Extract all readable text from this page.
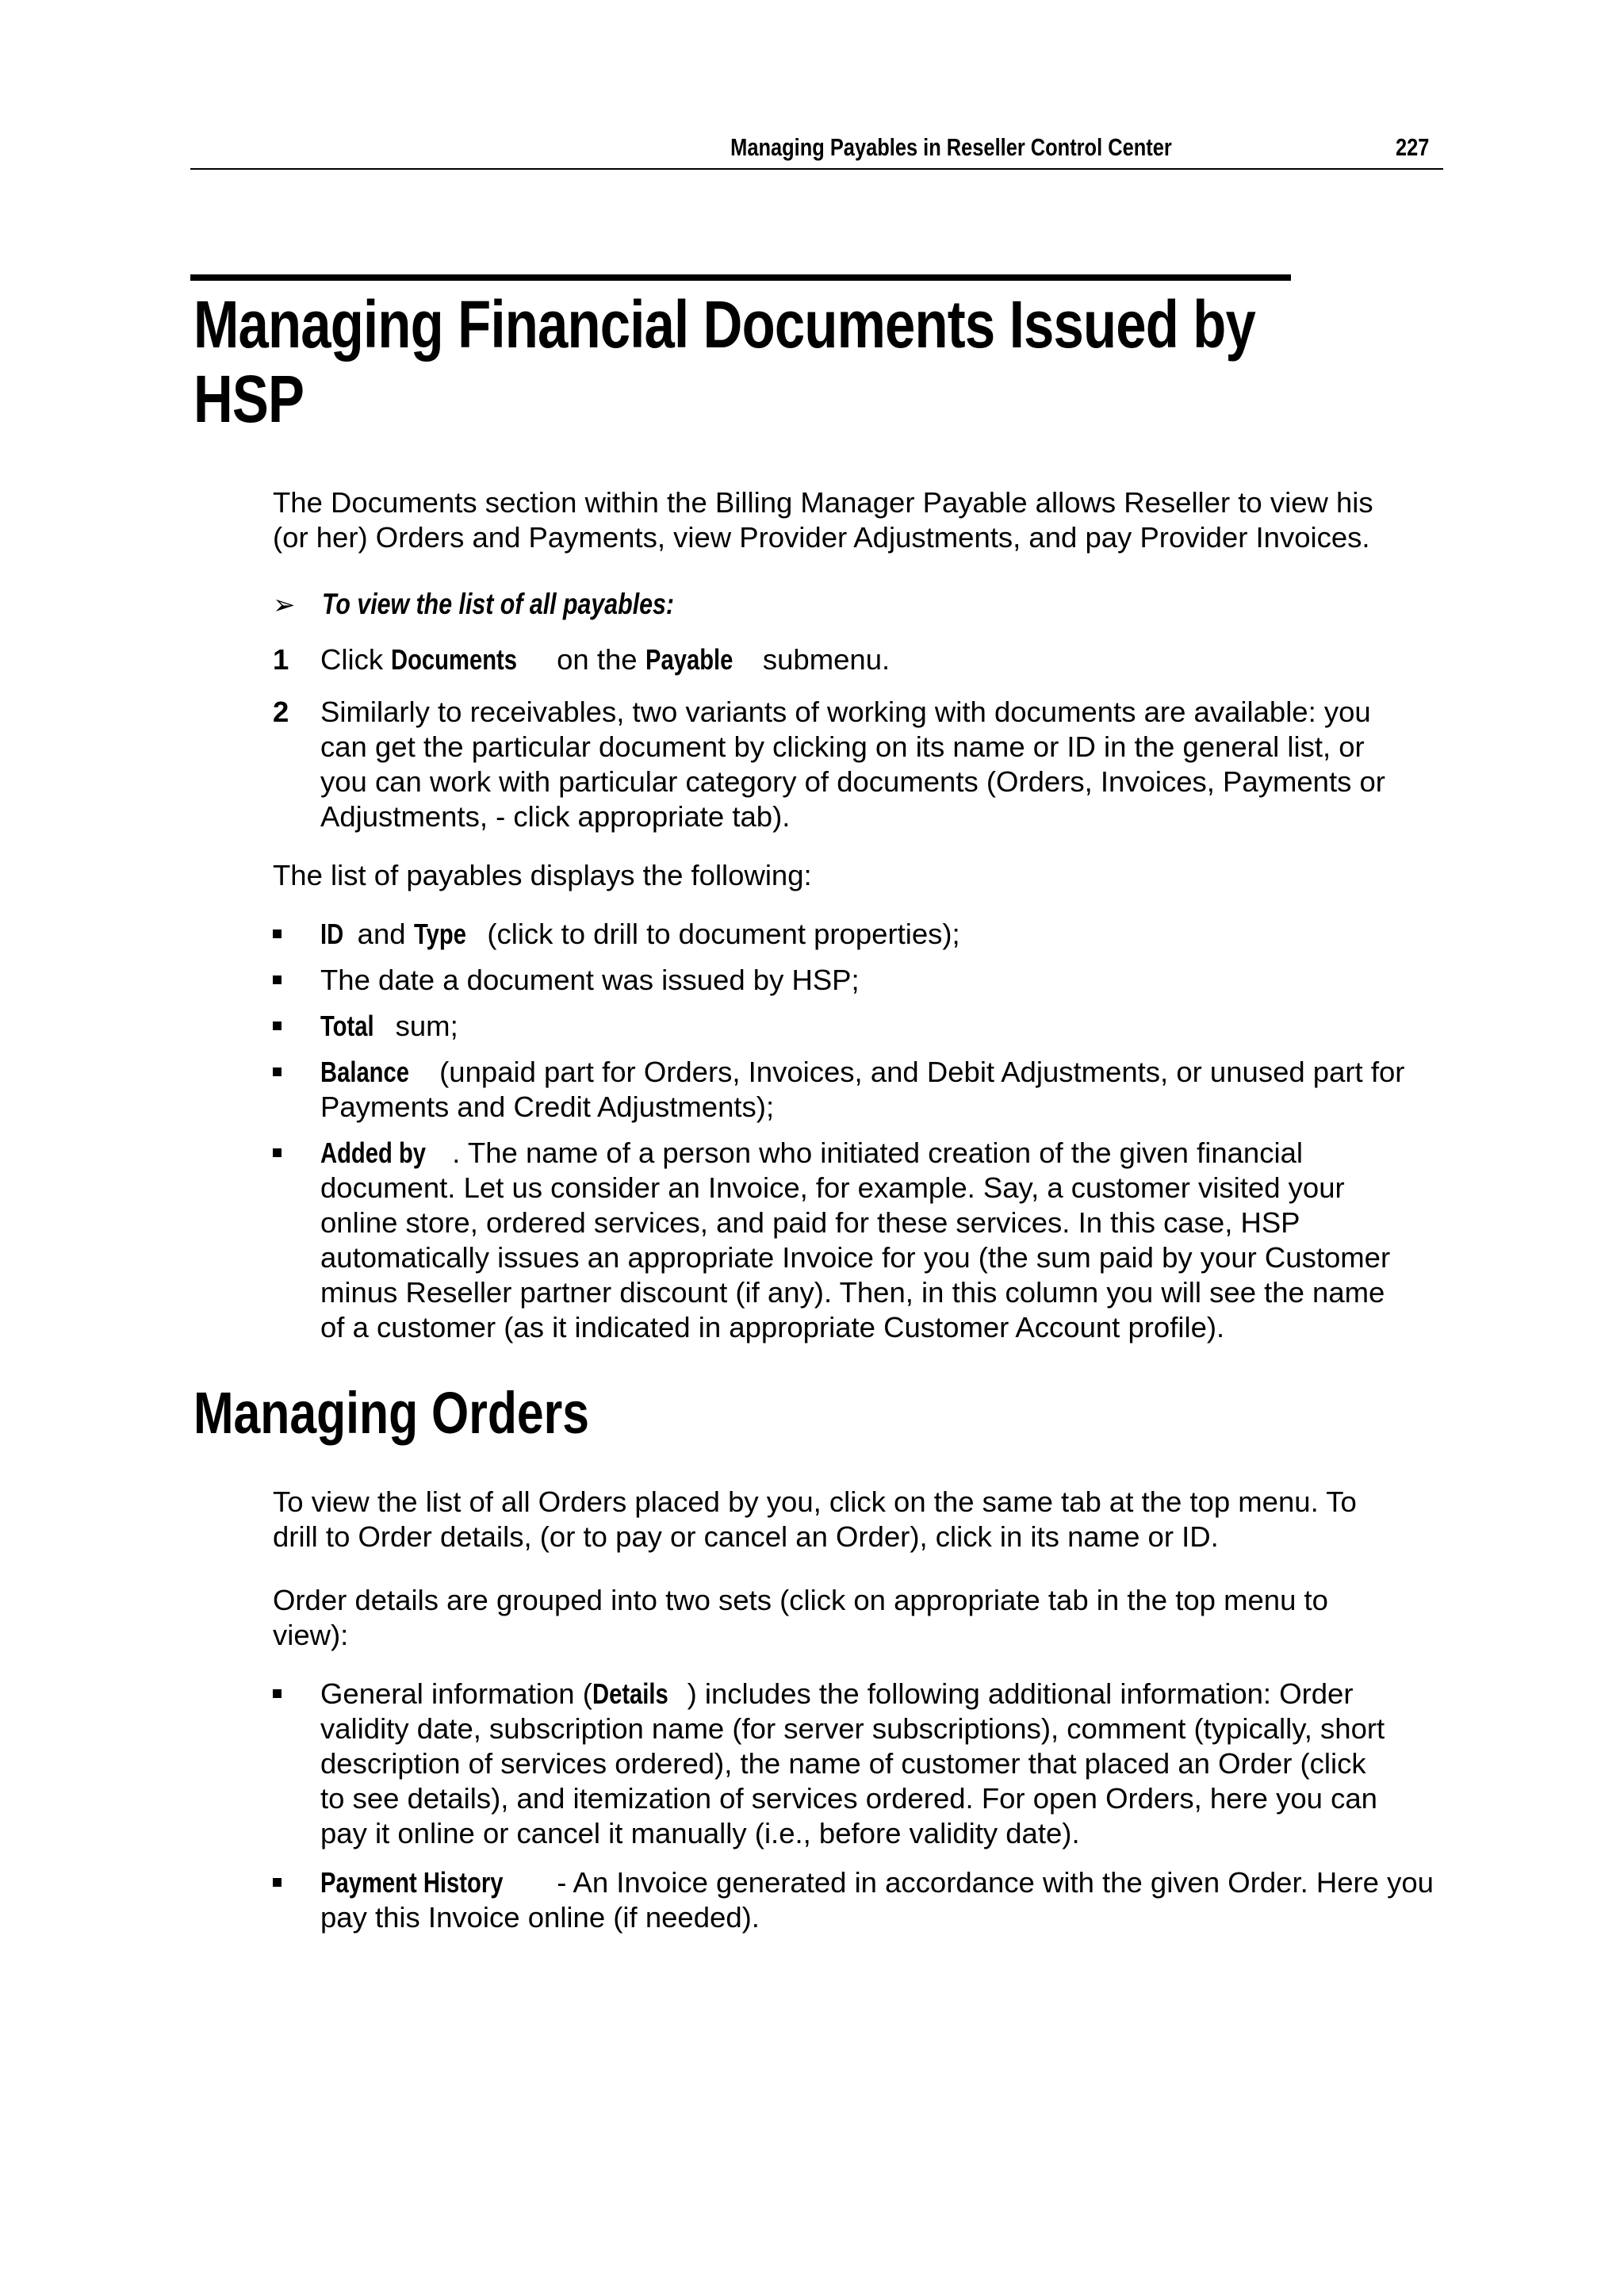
Managing Payables in Reseller Control Center	227
Managing Financial Documents Issued by
HSP

The Documents section within the Billing Manager Payable allows Reseller to view his
(or her) Orders and Payments, view Provider Adjustments, and pay Provider Invoices.

➢ To view the list of all payables:
1 Click Documents on the Payable submenu.
2 Similarly to receivables, two variants of working with documents are available: you
can get the particular document by clicking on its name or ID in the general list, or
you can work with particular category of documents (Orders, Invoices, Payments or
Adjustments, - click appropriate tab).

The list of payables displays the following:

ID and Type (click to drill to document properties);
The date a document was issued by HSP;
Total sum;
Balance (unpaid part for Orders, Invoices, and Debit Adjustments, or unused part for
Payments and Credit Adjustments);
Added by . The name of a person who initiated creation of the given financial
document. Let us consider an Invoice, for example. Say, a customer visited your
online store, ordered services, and paid for these services. In this case, HSP
automatically issues an appropriate Invoice for you (the sum paid by your Customer
minus Reseller partner discount (if any). Then, in this column you will see the name
of a customer (as it indicated in appropriate Customer Account profile).
Managing Orders

To view the list of all Orders placed by you, click on the same tab at the top menu. To
drill to Order details, (or to pay or cancel an Order), click in its name or ID.

Order details are grouped into two sets (click on appropriate tab in the top menu to
view):

General information (Details ) includes the following additional information: Order
validity date, subscription name (for server subscriptions), comment (typically, short
description of services ordered), the name of customer that placed an Order (click
to see details), and itemization of services ordered. For open Orders, here you can
pay it online or cancel it manually (i.e., before validity date).
Payment History - An Invoice generated in accordance with the given Order. Here you
pay this Invoice online (if needed).
